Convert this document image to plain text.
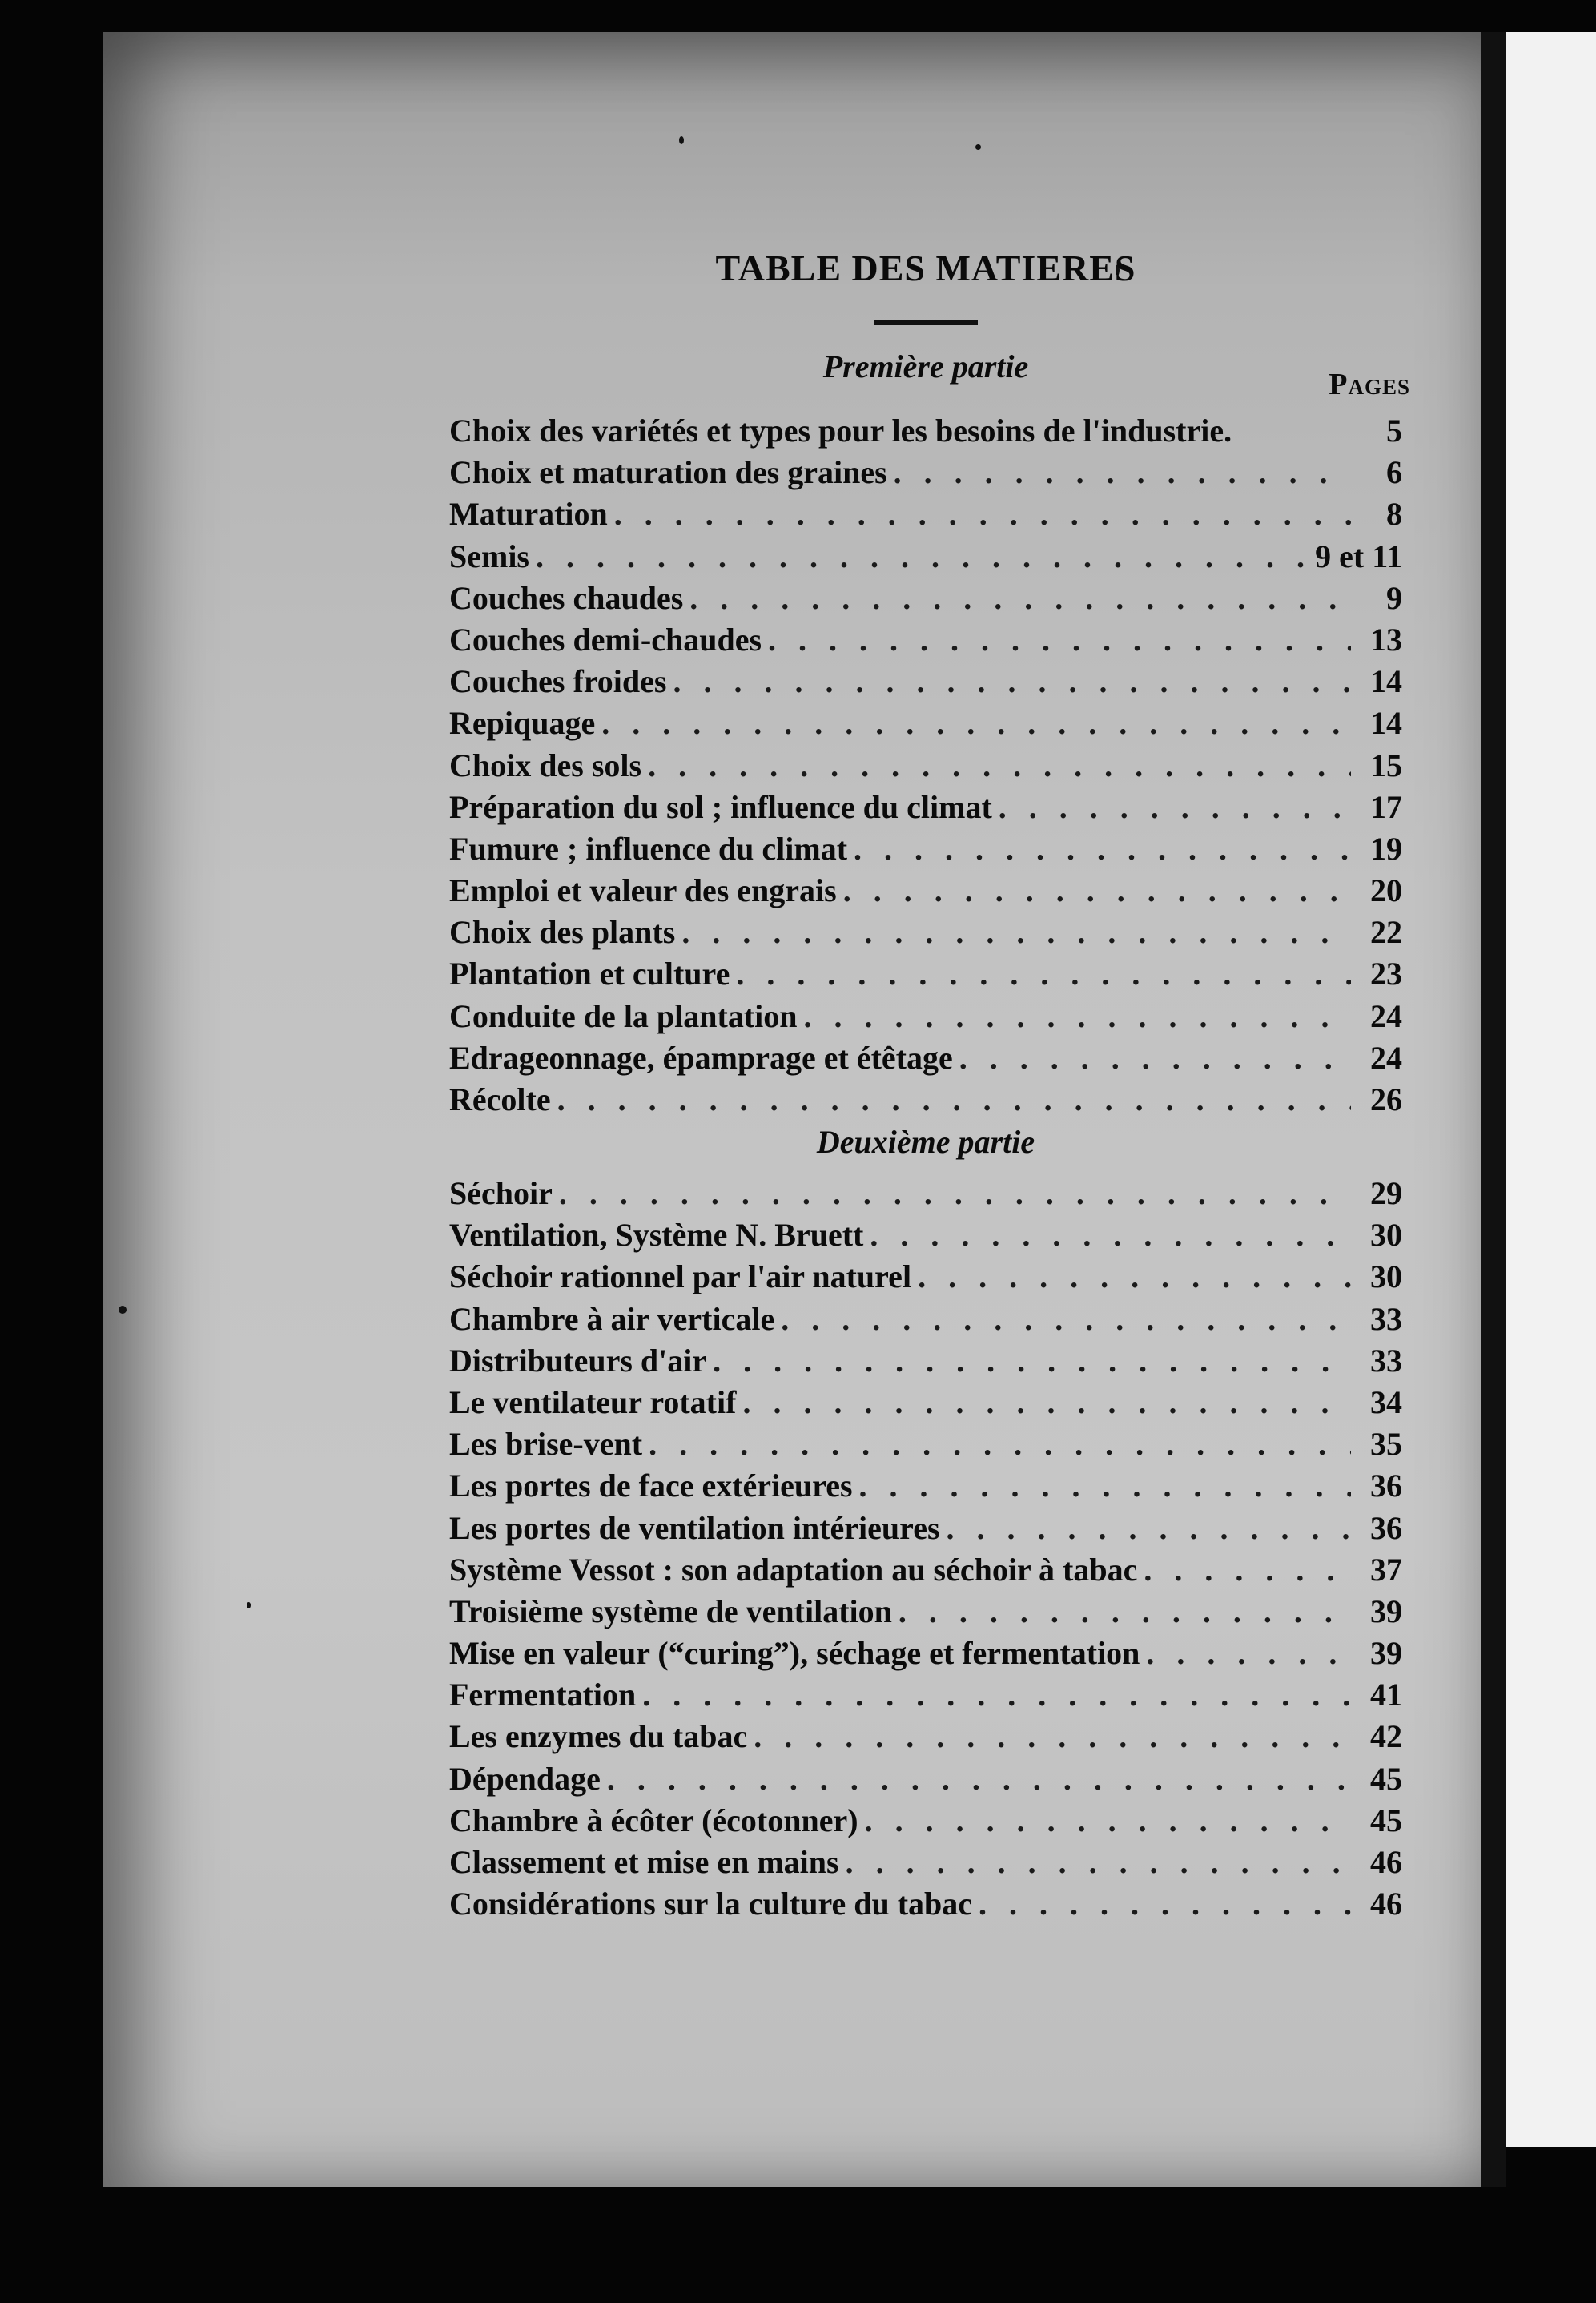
TABLE DES MATIERES
Première partie	Pages
Choix des variétés et types pour les besoins de l'industrie.	5
Choix et maturation des graines . . .	6
Maturation . . .	8
Semis . . .	9 et 11
Couches chaudes . . .	9
Couches demi-chaudes . . .	13
Couches froides . . .	14
Repiquage . . .	14
Choix des sols . . .	15
Préparation du sol ; influence du climat . . .	17
Fumure ; influence du climat . . .	19
Emploi et valeur des engrais . . .	20
Choix des plants . . .	22
Plantation et culture . . .	23
Conduite de la plantation . . .	24
Edrageonnage, épamprage et étêtage . . .	24
Récolte . . .	26
Deuxième partie
Séchoir . . .	29
Ventilation, Système N. Bruett . . .	30
Séchoir rationnel par l'air naturel . . .	30
Chambre à air verticale . . .	33
Distributeurs d'air . . .	33
Le ventilateur rotatif . . .	34
Les brise-vent . . .	35
Les portes de face extérieures . . .	36
Les portes de ventilation intérieures . . .	36
Système Vessot : son adaptation au séchoir à tabac . . .	37
Troisième système de ventilation . . .	39
Mise en valeur (“curing”), séchage et fermentation . . .	39
Fermentation . . .	41
Les enzymes du tabac . . .	42
Dépendage . . .	45
Chambre à écôter (écotonner) . . .	45
Classement et mise en mains . . .	46
Considérations sur la culture du tabac . . .	46
